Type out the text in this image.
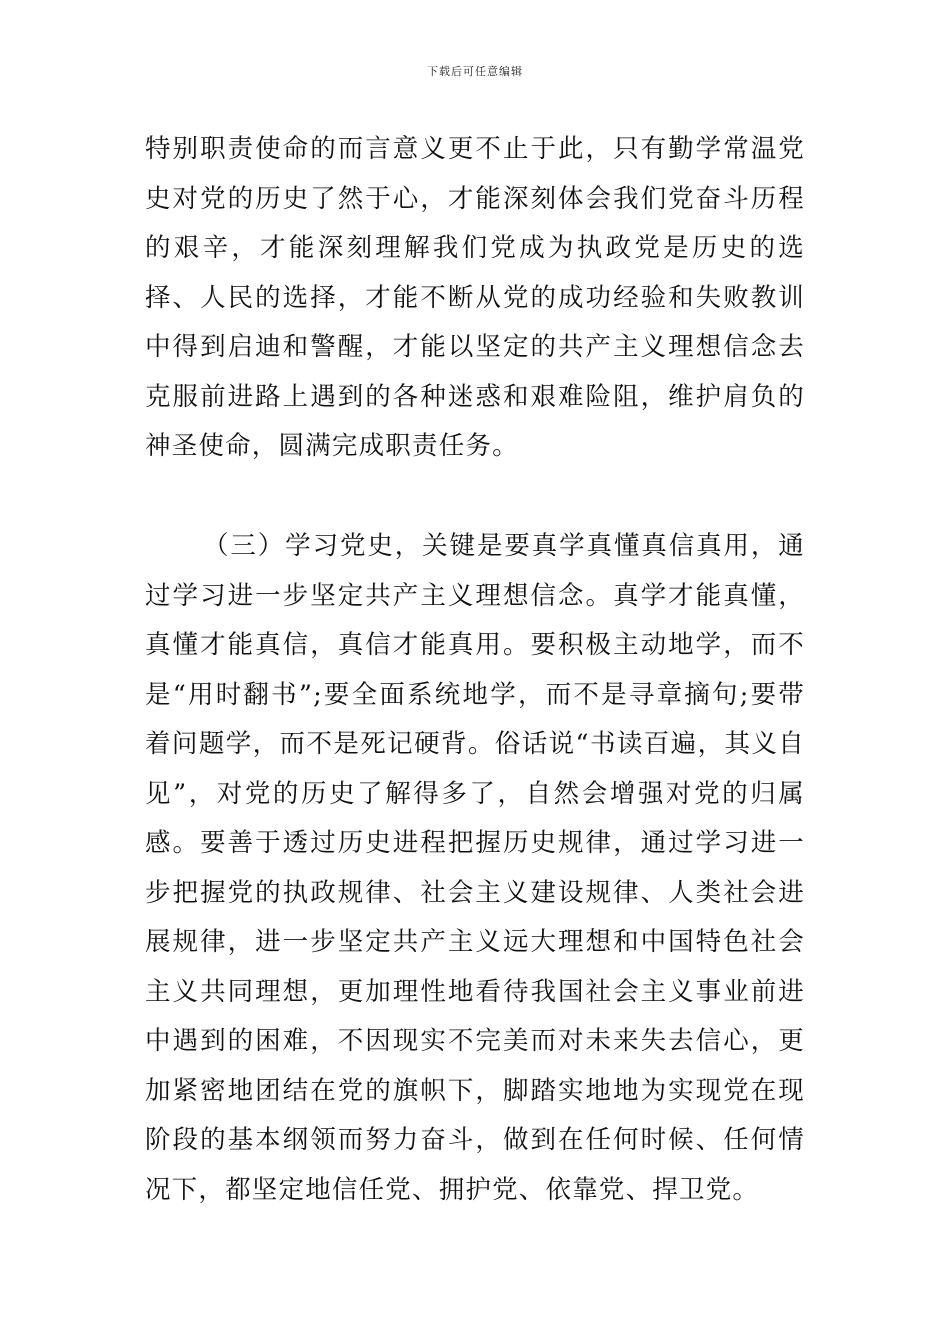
下载后可任意编辑

特别职责使命的而言意义更不止于此，只有勤学常温党史对党的历史了然于心，才能深刻体会我们党奋斗历程的艰辛，才能深刻理解我们党成为执政党是历史的选择、人民的选择，才能不断从党的成功经验和失败教训中得到启迪和警醒，才能以坚定的共产主义理想信念去克服前进路上遇到的各种迷惑和艰难险阻，维护肩负的神圣使命，圆满完成职责任务。

（三）学习党史，关键是要真学真懂真信真用，通过学习进一步坚定共产主义理想信念。真学才能真懂，真懂才能真信，真信才能真用。要积极主动地学，而不是“用时翻书”;要全面系统地学，而不是寻章摘句;要带着问题学，而不是死记硬背。俗话说“书读百遍，其义自见”，对党的历史了解得多了，自然会增强对党的归属感。要善于透过历史进程把握历史规律，通过学习进一步把握党的执政规律、社会主义建设规律、人类社会进展规律，进一步坚定共产主义远大理想和中国特色社会主义共同理想，更加理性地看待我国社会主义事业前进中遇到的困难，不因现实不完美而对未来失去信心，更加紧密地团结在党的旗帜下，脚踏实地地为实现党在现阶段的基本纲领而努力奋斗，做到在任何时候、任何情况下，都坚定地信任党、拥护党、依靠党、捍卫党。
